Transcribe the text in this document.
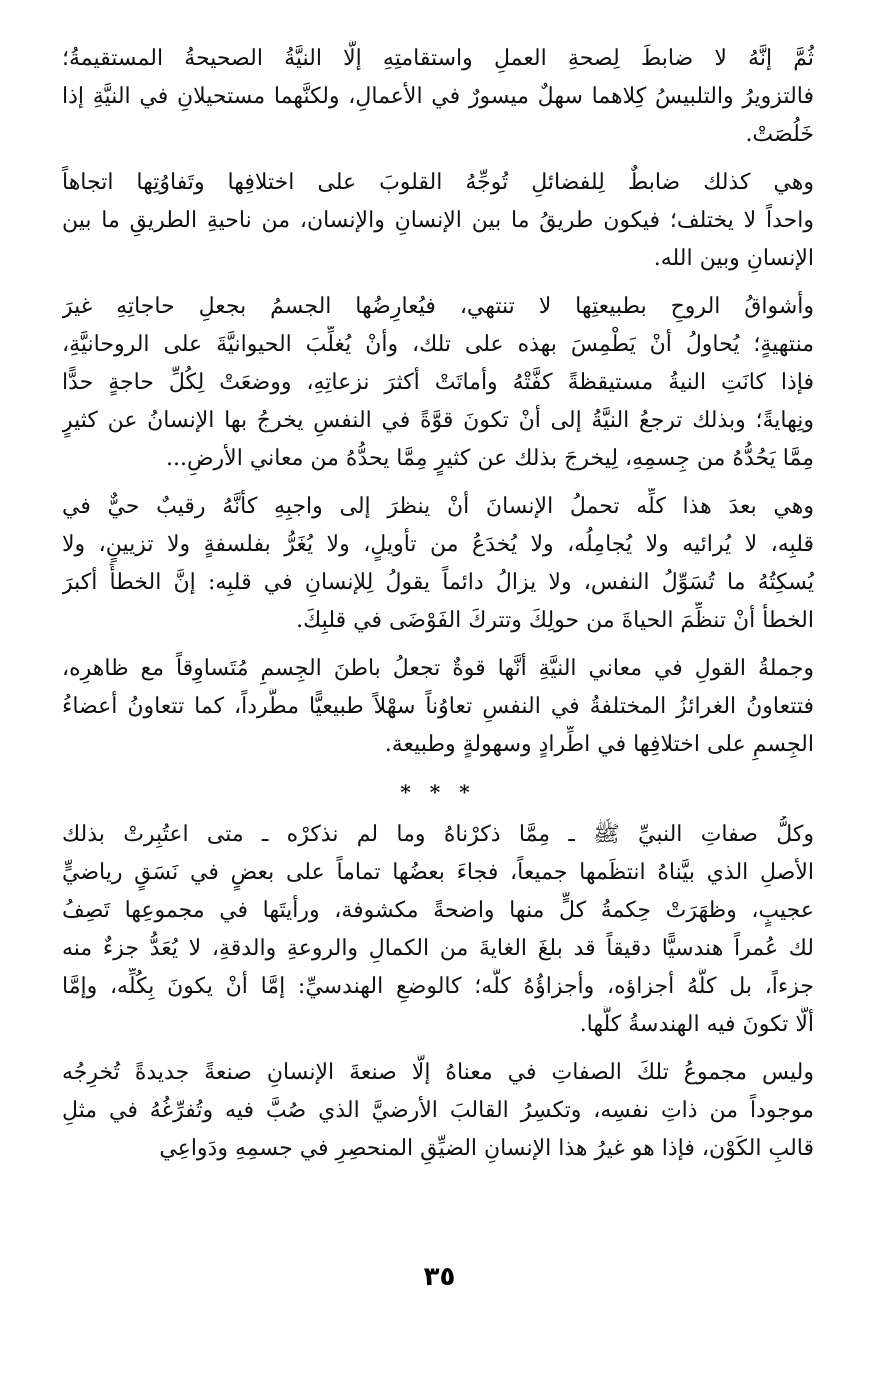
ثُمَّ إنَّهُ لا ضابطَ لِصحةِ العملِ واستقامتِهِ إلَّا النيَّةُ الصحيحةُ المستقيمةُ؛
فالتزويرُ والتلبيسُ كِلاهما سهلٌ ميسورٌ في الأعمالِ، ولكنَّهما مستحيلانِ في النيَّةِ إذا
خَلُصَتْ.
وهي كذلك ضابطٌ لِلفضائلِ تُوجِّهُ القلوبَ على اختلافِها وتَفاوُتِها اتجاهاً
واحداً لا يختلف؛ فيكون طريقُ ما بين الإنسانِ والإنسان، من ناحيةِ الطريقِ ما بين
الإنسانِ وبين الله.
وأشواقُ الروحِ بطبيعتِها لا تنتهي، فيُعارِضُها الجسمُ بجعلِ حاجاتِهِ غيرَ
منتهيةٍ؛ يُحاولُ أنْ يَطْمِسَ بهذه على تلك، وأنْ يُغلِّبَ الحيوانيَّةَ على الروحانيَّةِ،
فإذا كانَتِ النيةُ مستيقظةً كفَّتْهُ وأماتَتْ أكثرَ نزعاتِهِ، ووضعَتْ لِكُلِّ حاجةٍ حدًّا
ونِهايةً؛ وبذلك ترجعُ النيَّةُ إلى أنْ تكونَ قوَّةً في النفسِ يخرجُ بها الإنسانُ عن كثيرٍ
مِمَّا يَحُدُّهُ من جِسمِهِ، لِيخرجَ بذلك عن كثيرٍ مِمَّا يحدُّهُ من معاني الأرضِ...
وهي بعدَ هذا كلِّه تحملُ الإنسانَ أنْ ينظرَ إلى واجبِهِ كأنَّهُ رقيبٌ حيٌّ في
قلبِه، لا يُرائيه ولا يُجامِلُه، ولا يُخدَعُ من تأويلٍ، ولا يُغَرُّ بفلسفةٍ ولا تزيينٍ، ولا
يُسكِتُهُ ما تُسَوِّلُ النفس، ولا يزالُ دائماً يقولُ لِلإنسانِ في قلبِه: إنَّ الخطأَ أكبرَ
الخطأ أنْ تنظِّمَ الحياةَ من حولِكَ وتتركَ الفَوْضَى في قلبِكَ.
وجملةُ القولِ في معاني النيَّةِ أنَّها قوةٌ تجعلُ باطنَ الجِسمِ مُتَساوِقاً مع ظاهرِه،
فتتعاونُ الغرائزُ المختلفةُ في النفسِ تعاوُناً سهْلاً طبيعيًّا مطَّرداً، كما تتعاونُ أعضاءُ
الجِسمِ على اختلافِها في اطِّرادٍ وسهولةٍ وطبيعة.
* * *
وكلُّ صفاتِ النبيِّ ﷺ ـ مِمَّا ذكرْناهُ وما لم نذكرْه ـ متى اعتُبِرتْ بذلك
الأصلِ الذي بيَّناهُ انتظَمها جميعاً، فجاءَ بعضُها تماماً على بعضٍ في نَسَقٍ رياضيٍّ
عجيبٍ، وظهَرَتْ حِكمةُ كلٍّ منها واضحةً مكشوفة، ورأيتَها في مجموعِها تَصِفُ
لك عُمراً هندسيًّا دقيقاً قد بلغَ الغايةَ من الكمالِ والروعةِ والدقةِ، لا يُعَدُّ جزءٌ منه
جزءاً، بل كلُّهُ أجزاؤه، وأجزاؤُهُ كلُّه؛ كالوضعِ الهندسيِّ: إمَّا أنْ يكونَ بِكُلِّه، وإمَّا
ألَّا تكونَ فيه الهندسةُ كلُّها.
وليس مجموعُ تلكَ الصفاتِ في معناهُ إلَّا صنعةَ الإنسانِ صنعةً جديدةً تُخرِجُه
موجوداً من ذاتِ نفسِه، وتكسِرُ القالبَ الأرضيَّ الذي صُبَّ فيه وتُفرِّغُهُ في مثلِ
قالبِ الكَوْن، فإذا هو غيرُ هذا الإنسانِ الضيِّقِ المنحصِرِ في جسمِهِ ودَواعِي
٣٥
